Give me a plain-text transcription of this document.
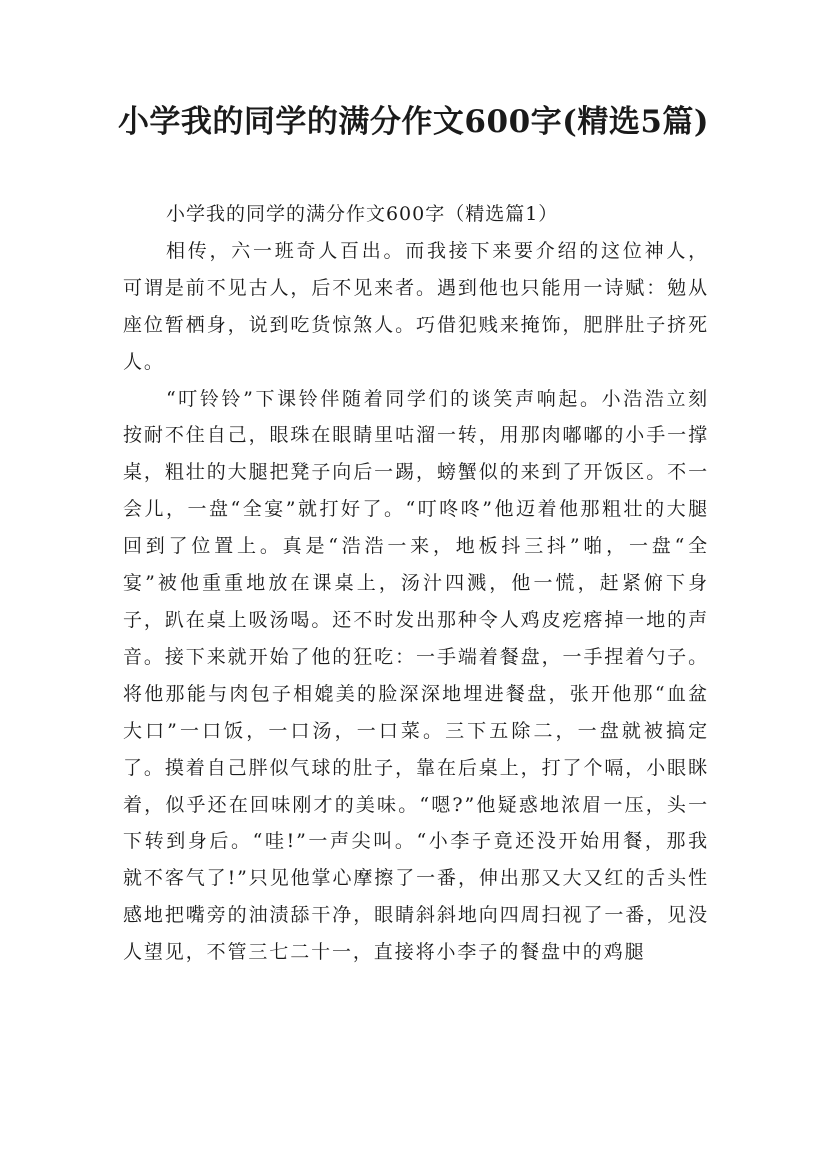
小学我的同学的满分作文600字(精选5篇)

小学我的同学的满分作文600字（精选篇1）

相传，六一班奇人百出。而我接下来要介绍的这位神人，可谓是前不见古人，后不见来者。遇到他也只能用一诗赋：勉从座位暂栖身，说到吃货惊煞人。巧借犯贱来掩饰，肥胖肚子挤死人。

“叮铃铃”下课铃伴随着同学们的谈笑声响起。小浩浩立刻按耐不住自己，眼珠在眼睛里咕溜一转，用那肉嘟嘟的小手一撑桌，粗壮的大腿把凳子向后一踢，螃蟹似的来到了开饭区。不一会儿，一盘“全宴”就打好了。“叮咚咚”他迈着他那粗壮的大腿回到了位置上。真是“浩浩一来，地板抖三抖”啪，一盘“全宴”被他重重地放在课桌上，汤汁四溅，他一慌，赶紧俯下身子，趴在桌上吸汤喝。还不时发出那种令人鸡皮疙瘩掉一地的声音。接下来就开始了他的狂吃：一手端着餐盘，一手捏着勺子。将他那能与肉包子相媲美的脸深深地埋进餐盘，张开他那“血盆大口”一口饭，一口汤，一口菜。三下五除二，一盘就被搞定了。摸着自己胖似气球的肚子，靠在后桌上，打了个嗝，小眼眯着，似乎还在回味刚才的美味。“嗯?”他疑惑地浓眉一压，头一下转到身后。“哇!”一声尖叫。“小李子竟还没开始用餐，那我就不客气了!”只见他掌心摩擦了一番，伸出那又大又红的舌头性感地把嘴旁的油渍舔干净，眼睛斜斜地向四周扫视了一番，见没人望见，不管三七二十一，直接将小李子的餐盘中的鸡腿
